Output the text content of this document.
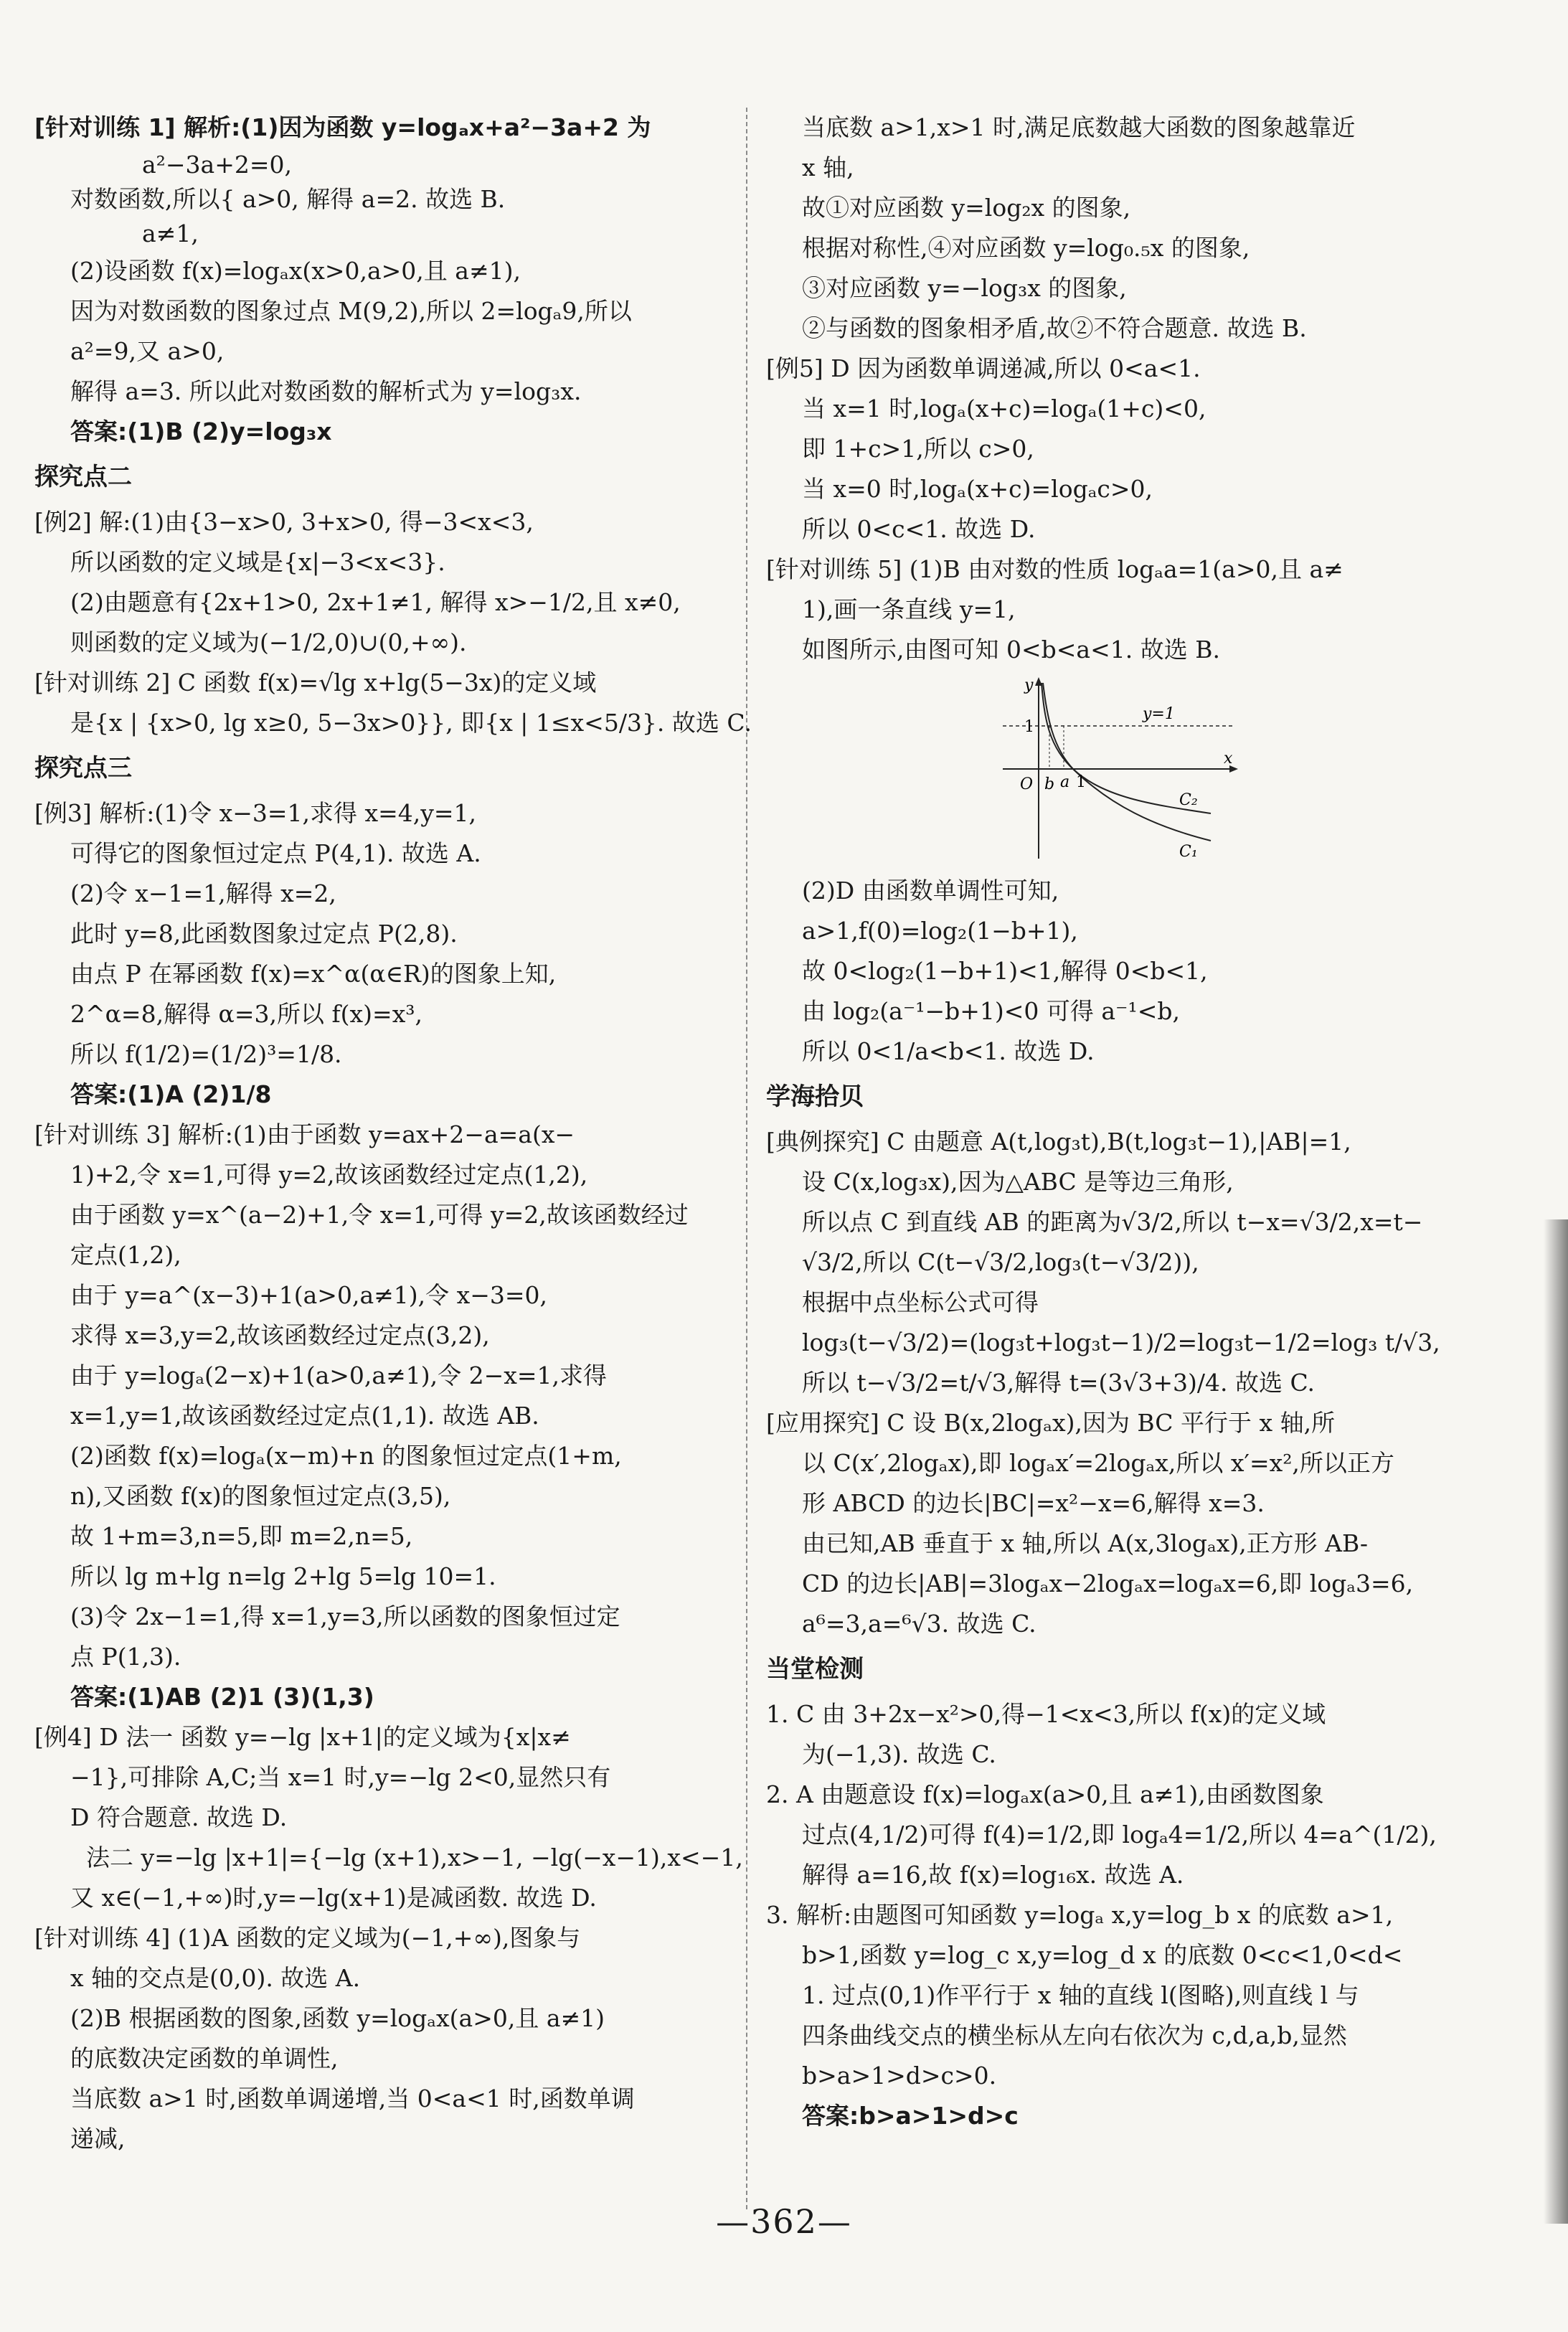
[针对训练 1] 解析:(1)因为函数 y=logₐx+a²−3a+2 为

a²−3a+2=0,

对数函数,所以{ a>0, 解得 a=2. 故选 B.

a≠1,

(2)设函数 f(x)=logₐx(x>0,a>0,且 a≠1),

因为对数函数的图象过点 M(9,2),所以 2=logₐ9,所以

a²=9,又 a>0,

解得 a=3. 所以此对数函数的解析式为 y=log₃x.

答案:(1)B (2)y=log₃x

探究点二

[例2] 解:(1)由{3−x>0, 3+x>0, 得−3<x<3,

所以函数的定义域是{x|−3<x<3}.

(2)由题意有{2x+1>0, 2x+1≠1, 解得 x>−1/2,且 x≠0,

则函数的定义域为(−1/2,0)∪(0,+∞).

[针对训练 2] C 函数 f(x)=√lg x+lg(5−3x)的定义域

是{x | {x>0, lg x≥0, 5−3x>0}}, 即{x | 1≤x<5/3}. 故选 C.

探究点三

[例3] 解析:(1)令 x−3=1,求得 x=4,y=1,

可得它的图象恒过定点 P(4,1). 故选 A.

(2)令 x−1=1,解得 x=2,

此时 y=8,此函数图象过定点 P(2,8).

由点 P 在幂函数 f(x)=x^α(α∈R)的图象上知,

2^α=8,解得 α=3,所以 f(x)=x³,

所以 f(1/2)=(1/2)³=1/8.

答案:(1)A (2)1/8

[针对训练 3] 解析:(1)由于函数 y=ax+2−a=a(x−

1)+2,令 x=1,可得 y=2,故该函数经过定点(1,2),

由于函数 y=x^(a−2)+1,令 x=1,可得 y=2,故该函数经过

定点(1,2),

由于 y=a^(x−3)+1(a>0,a≠1),令 x−3=0,

求得 x=3,y=2,故该函数经过定点(3,2),

由于 y=logₐ(2−x)+1(a>0,a≠1),令 2−x=1,求得

x=1,y=1,故该函数经过定点(1,1). 故选 AB.

(2)函数 f(x)=logₐ(x−m)+n 的图象恒过定点(1+m,

n),又函数 f(x)的图象恒过定点(3,5),

故 1+m=3,n=5,即 m=2,n=5,

所以 lg m+lg n=lg 2+lg 5=lg 10=1.

(3)令 2x−1=1,得 x=1,y=3,所以函数的图象恒过定

点 P(1,3).

答案:(1)AB (2)1 (3)(1,3)

[例4] D 法一 函数 y=−lg |x+1|的定义域为{x|x≠

−1},可排除 A,C;当 x=1 时,y=−lg 2<0,显然只有

D 符合题意. 故选 D.

法二 y=−lg |x+1|={−lg (x+1),x>−1, −lg(−x−1),x<−1,

又 x∈(−1,+∞)时,y=−lg(x+1)是减函数. 故选 D.

[针对训练 4] (1)A 函数的定义域为(−1,+∞),图象与

x 轴的交点是(0,0). 故选 A.

(2)B 根据函数的图象,函数 y=logₐx(a>0,且 a≠1)

的底数决定函数的单调性,

当底数 a>1 时,函数单调递增,当 0<a<1 时,函数单调

递减,

当底数 a>1,x>1 时,满足底数越大函数的图象越靠近

x 轴,

故①对应函数 y=log₂x 的图象,

根据对称性,④对应函数 y=log₀.₅x 的图象,

③对应函数 y=−log₃x 的图象,

②与函数的图象相矛盾,故②不符合题意. 故选 B.

[例5] D 因为函数单调递减,所以 0<a<1.

当 x=1 时,logₐ(x+c)=logₐ(1+c)<0,

即 1+c>1,所以 c>0,

当 x=0 时,logₐ(x+c)=logₐc>0,

所以 0<c<1. 故选 D.

[针对训练 5] (1)B 由对数的性质 logₐa=1(a>0,且 a≠

1),画一条直线 y=1,

如图所示,由图可知 0<b<a<1. 故选 B.

y
x
y=1
O
1
b a 1
C₂
C₁

(2)D 由函数单调性可知,

a>1,f(0)=log₂(1−b+1),

故 0<log₂(1−b+1)<1,解得 0<b<1,

由 log₂(a⁻¹−b+1)<0 可得 a⁻¹<b,

所以 0<1/a<b<1. 故选 D.

学海拾贝

[典例探究] C 由题意 A(t,log₃t),B(t,log₃t−1),|AB|=1,

设 C(x,log₃x),因为△ABC 是等边三角形,

所以点 C 到直线 AB 的距离为√3/2,所以 t−x=√3/2,x=t−

√3/2,所以 C(t−√3/2,log₃(t−√3/2)),

根据中点坐标公式可得

log₃(t−√3/2)=(log₃t+log₃t−1)/2=log₃t−1/2=log₃ t/√3,

所以 t−√3/2=t/√3,解得 t=(3√3+3)/4. 故选 C.

[应用探究] C 设 B(x,2logₐx),因为 BC 平行于 x 轴,所

以 C(x′,2logₐx),即 logₐx′=2logₐx,所以 x′=x²,所以正方

形 ABCD 的边长|BC|=x²−x=6,解得 x=3.

由已知,AB 垂直于 x 轴,所以 A(x,3logₐx),正方形 AB-

CD 的边长|AB|=3logₐx−2logₐx=logₐx=6,即 logₐ3=6,

a⁶=3,a=⁶√3. 故选 C.

当堂检测

1. C 由 3+2x−x²>0,得−1<x<3,所以 f(x)的定义域

为(−1,3). 故选 C.

2. A 由题意设 f(x)=logₐx(a>0,且 a≠1),由函数图象

过点(4,1/2)可得 f(4)=1/2,即 logₐ4=1/2,所以 4=a^(1/2),

解得 a=16,故 f(x)=log₁₆x. 故选 A.

3. 解析:由题图可知函数 y=logₐ x,y=log_b x 的底数 a>1,

b>1,函数 y=log_c x,y=log_d x 的底数 0<c<1,0<d<

1. 过点(0,1)作平行于 x 轴的直线 l(图略),则直线 l 与

四条曲线交点的横坐标从左向右依次为 c,d,a,b,显然

b>a>1>d>c>0.

答案:b>a>1>d>c

—362—
